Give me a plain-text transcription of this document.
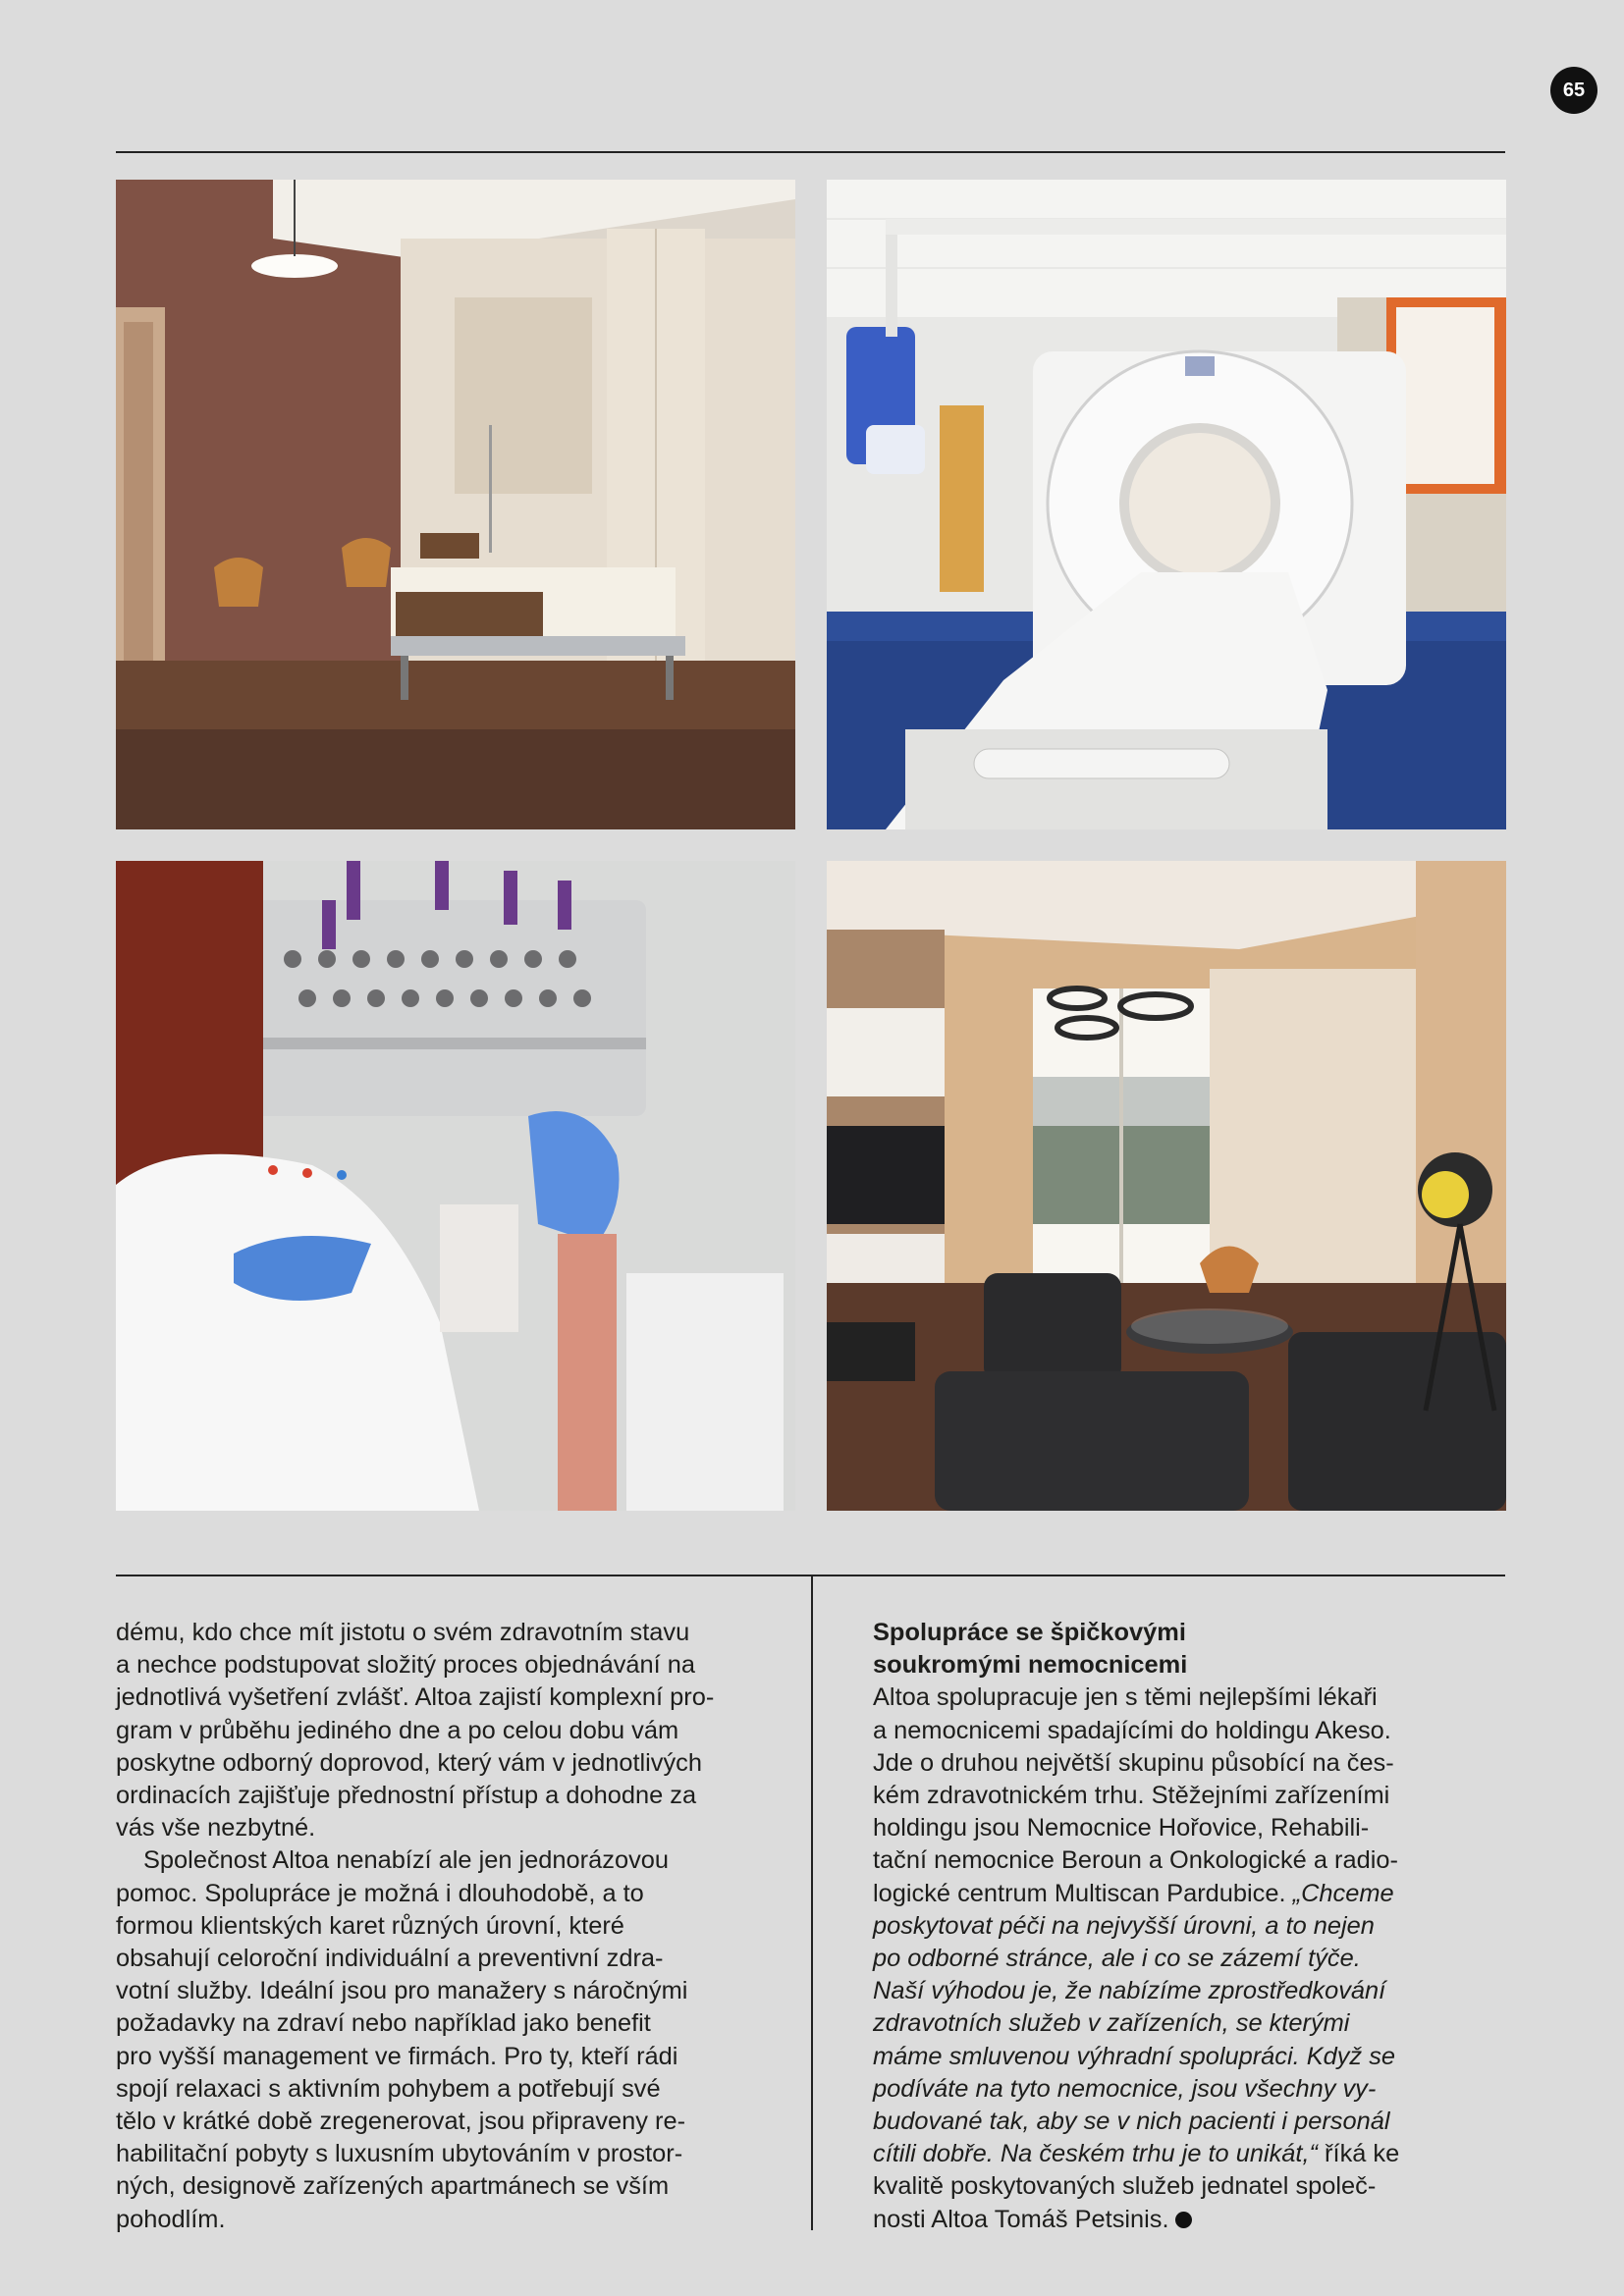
65

dému, kdo chce mít jistotu o svém zdravotním stavu
a nechce podstupovat složitý proces objednávání na
jednotlivá vyšetření zvlášť. Altoa zajistí komplexní pro-
gram v průběhu jediného dne a po celou dobu vám
poskytne odborný doprovod, který vám v jednotlivých
ordinacích zajišťuje přednostní přístup a dohodne za
vás vše nezbytné.

Společnost Altoa nenabízí ale jen jednorázovou
pomoc. Spolupráce je možná i dlouhodobě, a to
formou klientských karet různých úrovní, které
obsahují celoroční individuální a preventivní zdra-
votní služby. Ideální jsou pro manažery s náročnými
požadavky na zdraví nebo například jako benefit
pro vyšší management ve firmách. Pro ty, kteří rádi
spojí relaxaci s aktivním pohybem a potřebují své
tělo v krátké době zregenerovat, jsou připraveny re-
habilitační pobyty s luxusním ubytováním v prostor-
ných, designově zařízených apartmánech se vším
pohodlím.

Spolupráce se špičkovými
soukromými nemocnicemi

Altoa spolupracuje jen s těmi nejlepšími lékaři
a nemocnicemi spadajícími do holdingu Akeso.
Jde o druhou největší skupinu působící na čes-
kém zdravotnickém trhu. Stěžejními zařízeními
holdingu jsou Nemocnice Hořovice, Rehabili-
tační nemocnice Beroun a Onkologické a radio-
logické centrum Multiscan Pardubice. „Chceme
poskytovat péči na nejvyšší úrovni, a to nejen
po odborné stránce, ale i co se zázemí týče.
Naší výhodou je, že nabízíme zprostředkování
zdravotních služeb v zařízeních, se kterými
máme smluvenou výhradní spolupráci. Když se
podíváte na tyto nemocnice, jsou všechny vy-
budované tak, aby se v nich pacienti i personál
cítili dobře. Na českém trhu je to unikát,“ říká ke
kvalitě poskytovaných služeb jednatel společ-
nosti Altoa Tomáš Petsinis.
